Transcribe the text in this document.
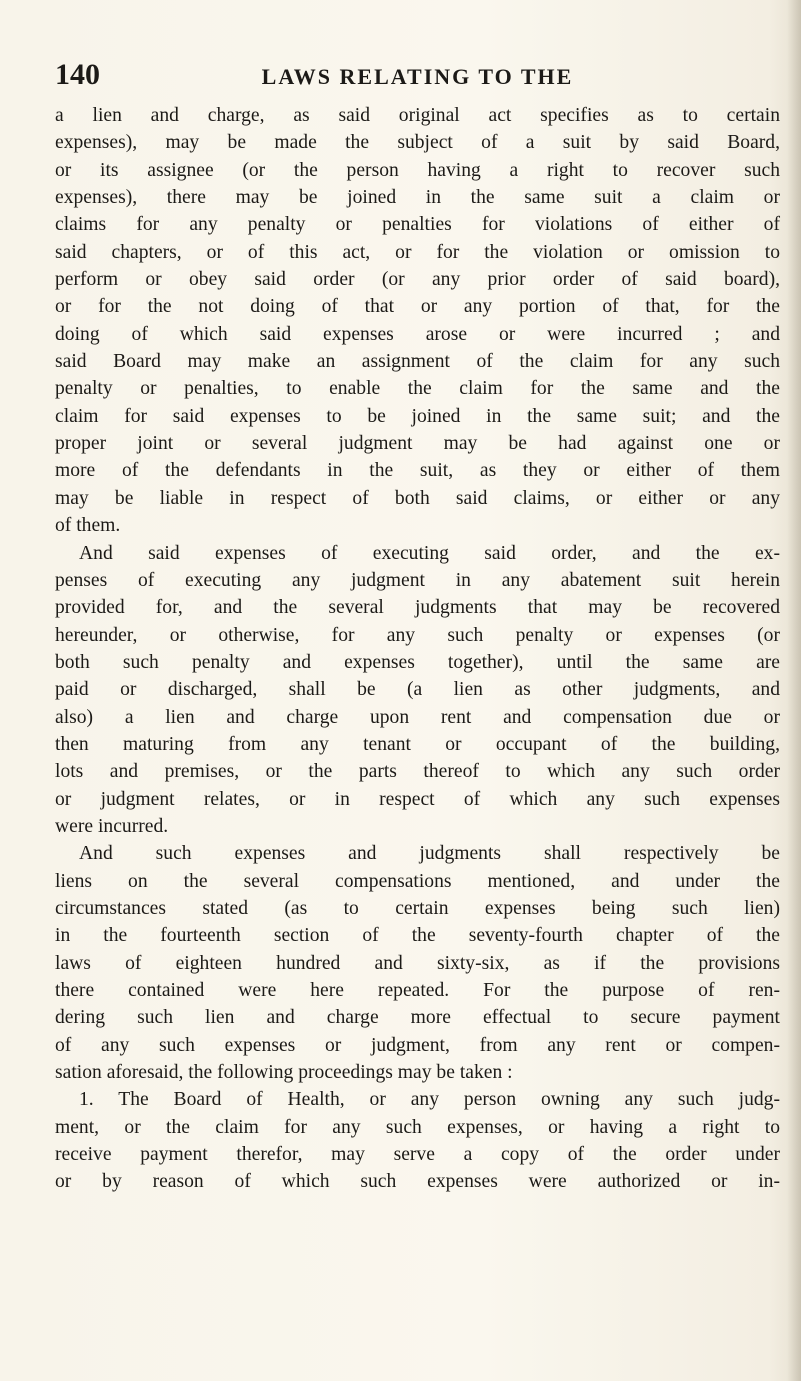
140	LAWS RELATING TO THE
a lien and charge, as said original act specifies as to certain
expenses), may be made the subject of a suit by said Board,
or its assignee (or the person having a right to recover such
expenses), there may be joined in the same suit a claim or
claims for any penalty or penalties for violations of either of
said chapters, or of this act, or for the violation or omission to
perform or obey said order (or any prior order of said board),
or for the not doing of that or any portion of that, for the
doing of which said expenses arose or were incurred ; and
said Board may make an assignment of the claim for any such
penalty or penalties, to enable the claim for the same and the
claim for said expenses to be joined in the same suit; and the
proper joint or several judgment may be had against one or
more of the defendants in the suit, as they or either of them
may be liable in respect of both said claims, or either or any
of them.
And said expenses of executing said order, and the ex-
penses of executing any judgment in any abatement suit herein
provided for, and the several judgments that may be recovered
hereunder, or otherwise, for any such penalty or expenses (or
both such penalty and expenses together), until the same are
paid or discharged, shall be (a lien as other judgments, and
also) a lien and charge upon rent and compensation due or
then maturing from any tenant or occupant of the building,
lots and premises, or the parts thereof to which any such order
or judgment relates, or in respect of which any such expenses
were incurred.
And such expenses and judgments shall respectively be
liens on the several compensations mentioned, and under the
circumstances stated (as to certain expenses being such lien)
in the fourteenth section of the seventy-fourth chapter of the
laws of eighteen hundred and sixty-six, as if the provisions
there contained were here repeated. For the purpose of ren-
dering such lien and charge more effectual to secure payment
of any such expenses or judgment, from any rent or compen-
sation aforesaid, the following proceedings may be taken :
1. The Board of Health, or any person owning any such judg-
ment, or the claim for any such expenses, or having a right to
receive payment therefor, may serve a copy of the order under
or by reason of which such expenses were authorized or in-
